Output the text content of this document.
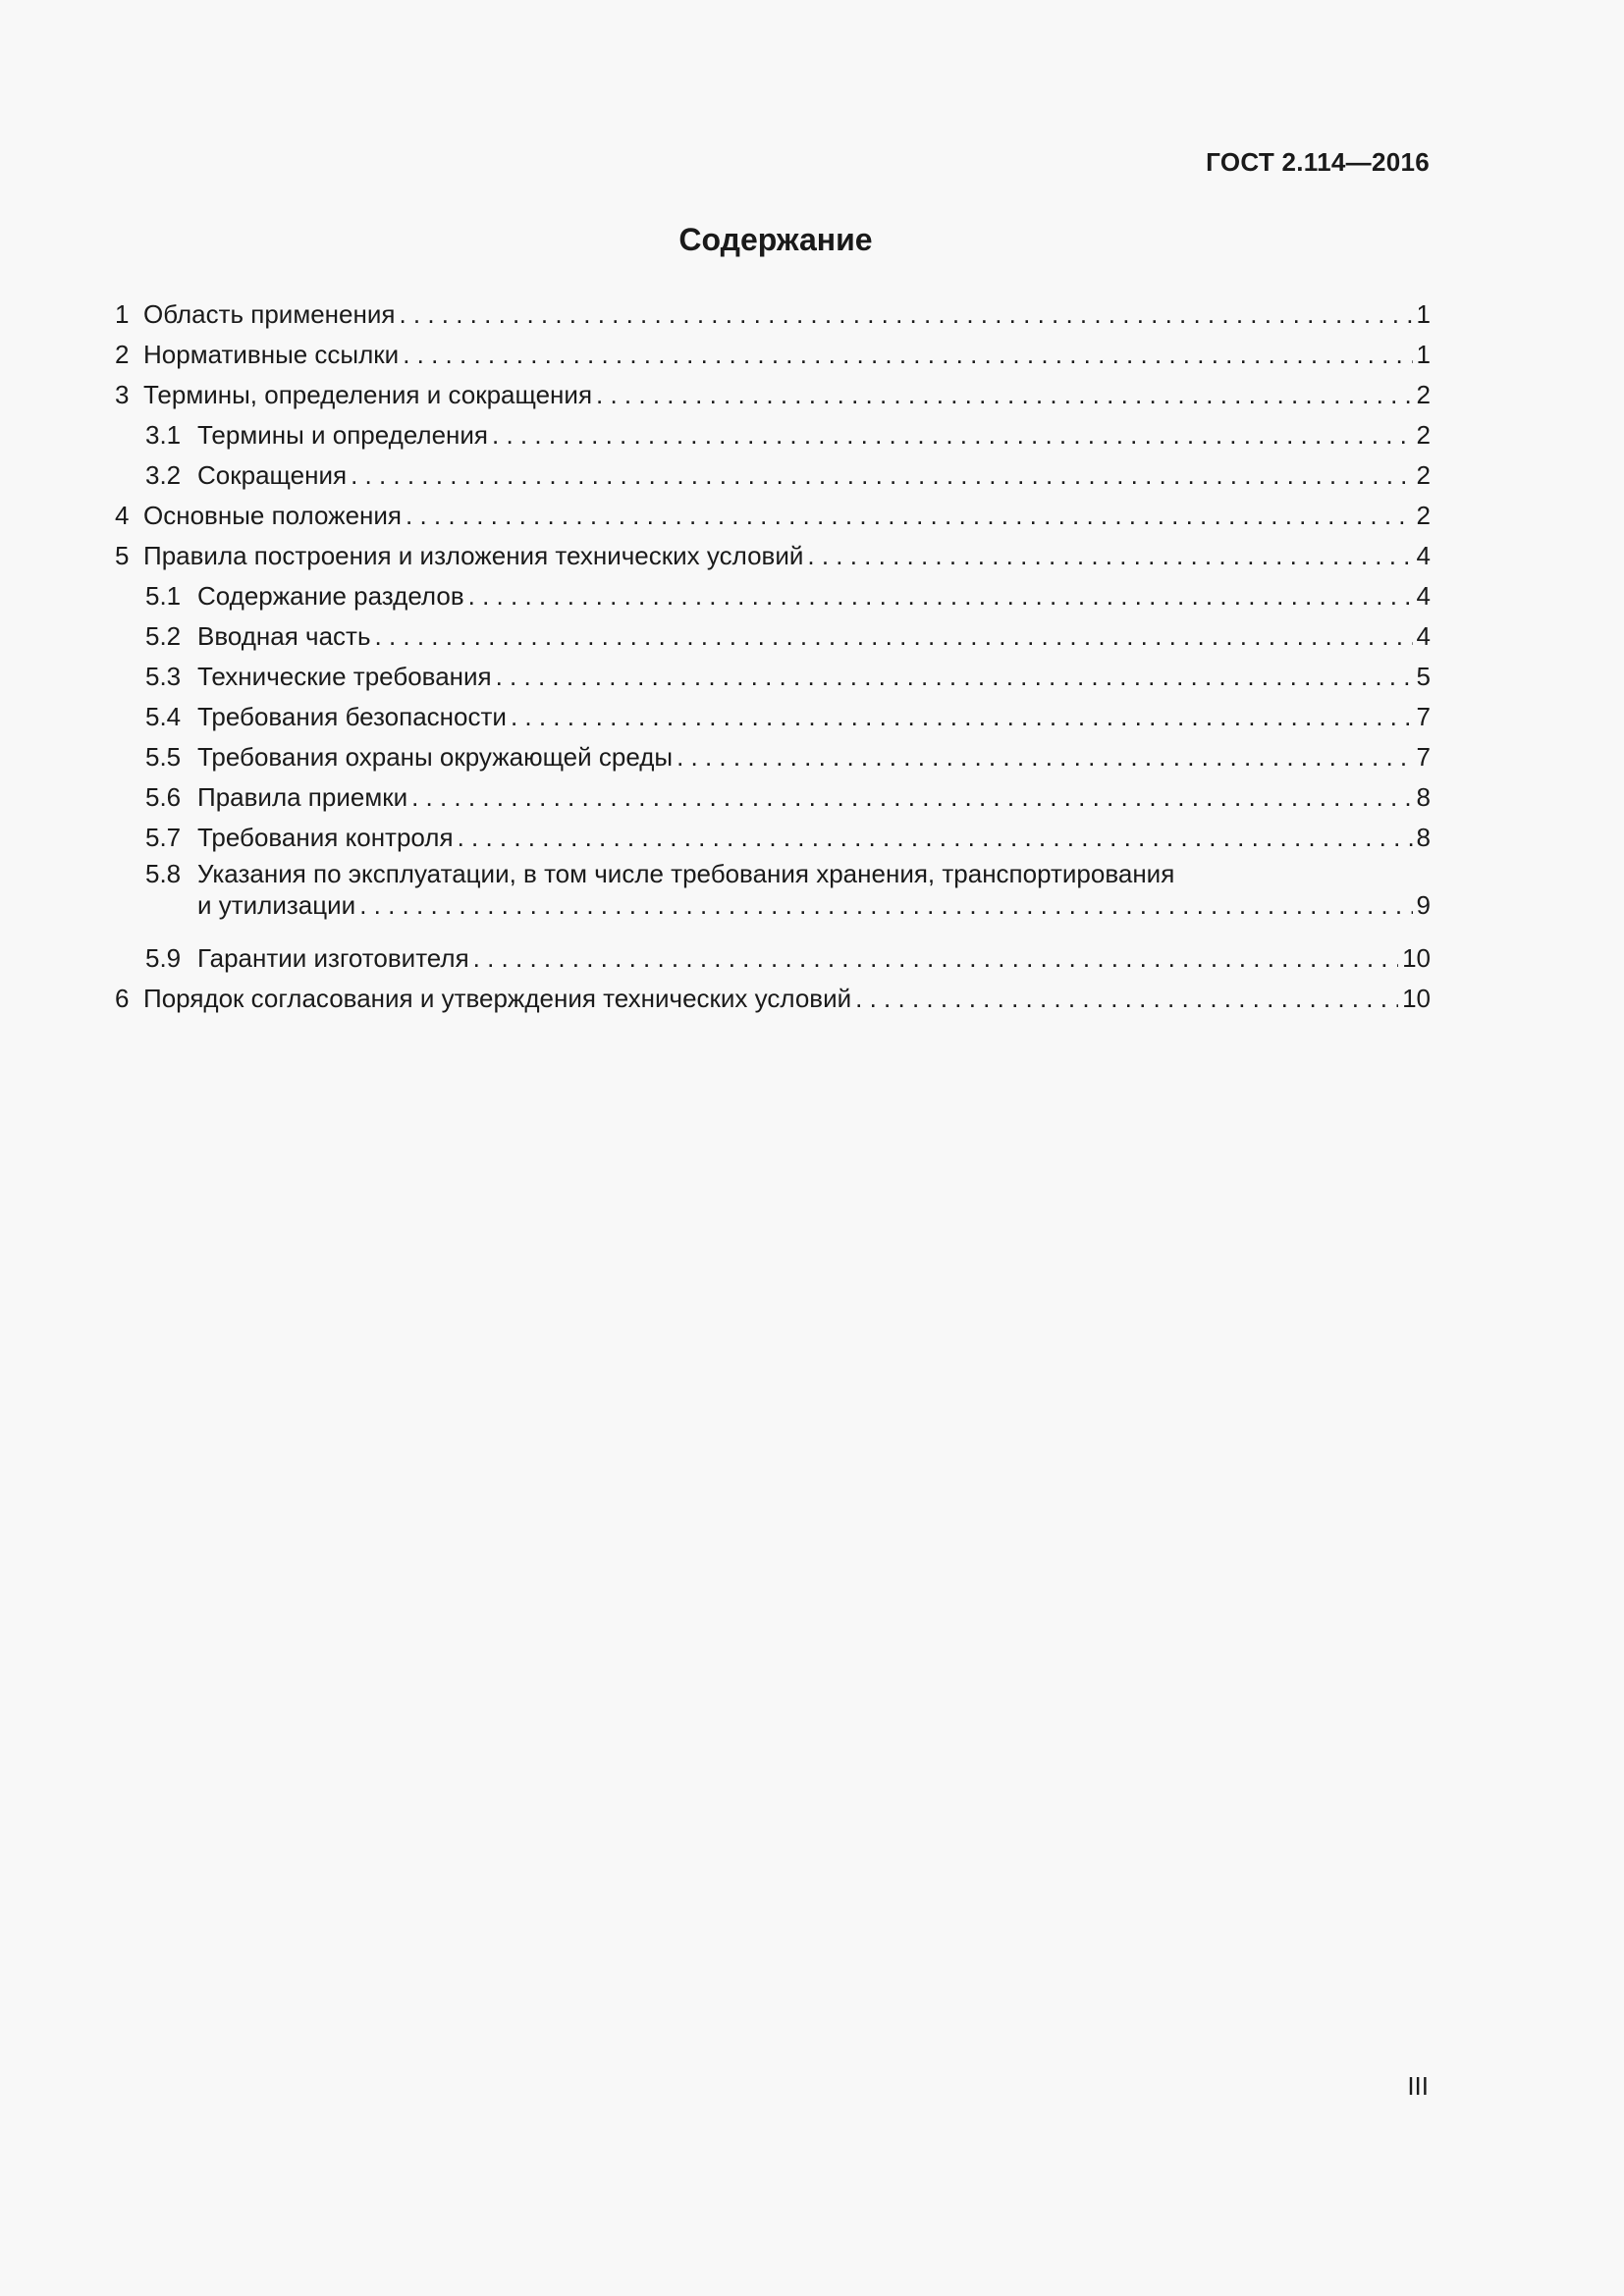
ГОСТ 2.114—2016
Содержание
1 Область применения . . .	1
2 Нормативные ссылки . . .	1
3 Термины, определения и сокращения . . .	2
3.1 Термины и определения . . .	2
3.2 Сокращения . . .	2
4 Основные положения . . .	2
5 Правила построения и изложения технических условий . . .	4
5.1 Содержание разделов . . .	4
5.2 Вводная часть . . .	4
5.3 Технические требования . . .	5
5.4 Требования безопасности . . .	7
5.5 Требования охраны окружающей среды . . .	7
5.6 Правила приемки . . .	8
5.7 Требования контроля . . .	8
5.8 Указания по эксплуатации, в том числе требования хранения, транспортирования
и утилизации . . .	9
5.9 Гарантии изготовителя . . .	10
6 Порядок согласования и утверждения технических условий . . .	10
III
